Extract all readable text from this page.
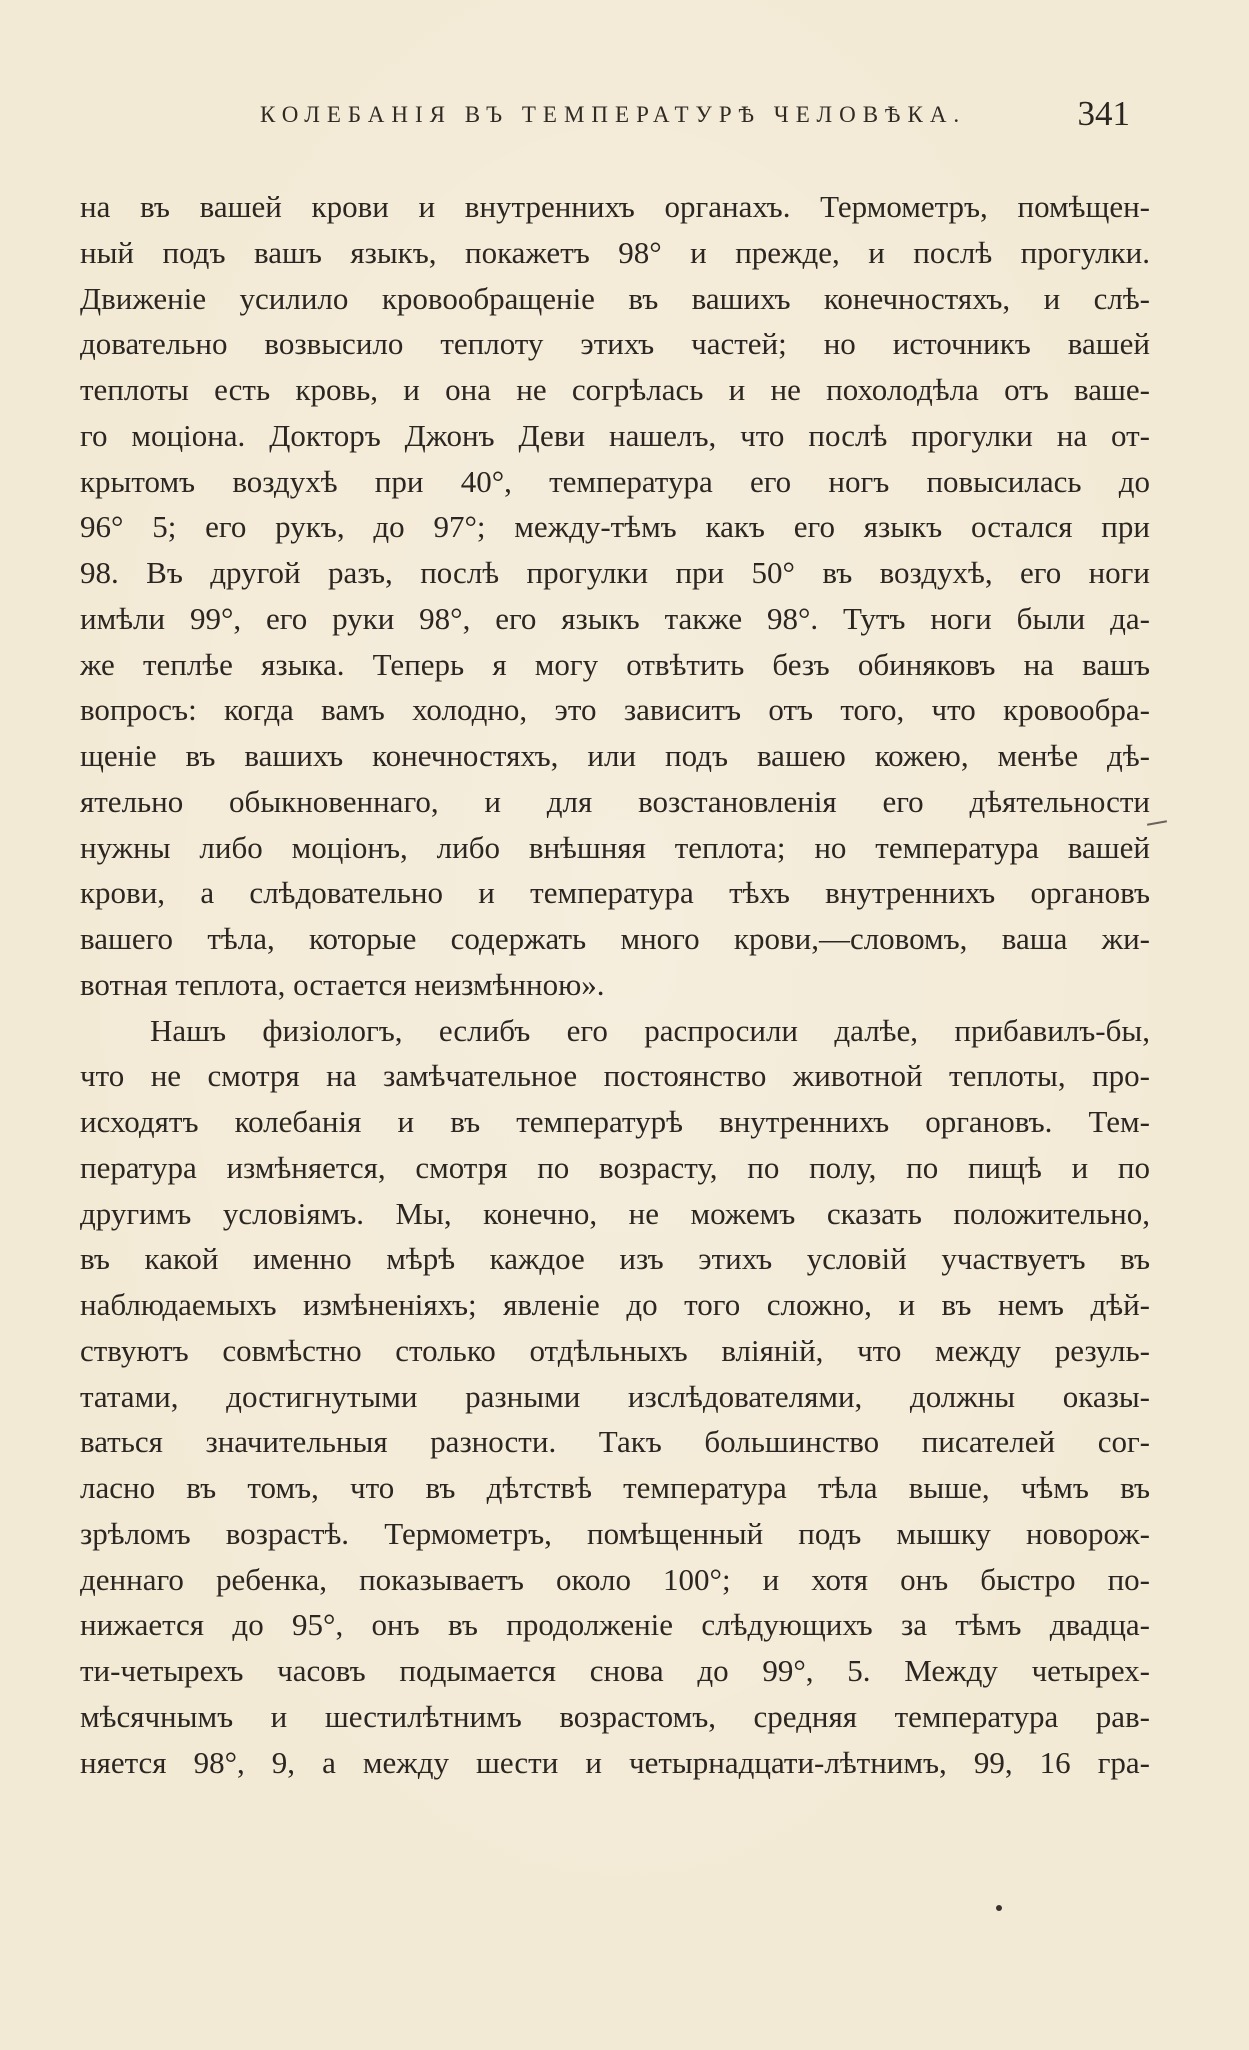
КОЛЕБАНІЯ ВЪ ТЕМПЕРАТУРѢ ЧЕЛОВѢКА.	341
на въ вашей крови и внутреннихъ органахъ. Термометръ, помѣщен-
ный подъ вашъ языкъ, покажетъ 98° и прежде, и послѣ прогулки.
Движеніе усилило кровообращеніе въ вашихъ конечностяхъ, и слѣ-
довательно возвысило теплоту этихъ частей; но источникъ вашей
теплоты есть кровь, и она не согрѣлась и не похолодѣла отъ ваше-
го моціона. Докторъ Джонъ Деви нашелъ, что послѣ прогулки на от-
крытомъ воздухѣ при 40°, температура его ногъ повысилась до
96° 5; его рукъ, до 97°; между-тѣмъ какъ его языкъ остался при
98. Въ другой разъ, послѣ прогулки при 50° въ воздухѣ, его ноги
имѣли 99°, его руки 98°, его языкъ также 98°. Тутъ ноги были да-
же теплѣе языка. Теперь я могу отвѣтить безъ обиняковъ на вашъ
вопросъ: когда вамъ холодно, это зависитъ отъ того, что кровообра-
щеніе въ вашихъ конечностяхъ, или подъ вашею кожею, менѣе дѣ-
ятельно обыкновеннаго, и для возстановленія его дѣятельности
нужны либо моціонъ, либо внѣшняя теплота; но температура вашей
крови, а слѣдовательно и температура тѣхъ внутреннихъ органовъ
вашего тѣла, которые содержать много крови,—словомъ, ваша жи-
вотная теплота, остается неизмѣнною».
Нашъ физіологъ, еслибъ его распросили далѣе, прибавилъ-бы,
что не смотря на замѣчательное постоянство животной теплоты, про-
исходятъ колебанія и въ температурѣ внутреннихъ органовъ. Тем-
пература измѣняется, смотря по возрасту, по полу, по пищѣ и по
другимъ условіямъ. Мы, конечно, не можемъ сказать положительно,
въ какой именно мѣрѣ каждое изъ этихъ условій участвуетъ въ
наблюдаемыхъ измѣненіяхъ; явленіе до того сложно, и въ немъ дѣй-
ствуютъ совмѣстно столько отдѣльныхъ вліяній, что между резуль-
татами, достигнутыми разными изслѣдователями, должны оказы-
ваться значительныя разности. Такъ большинство писателей сог-
ласно въ томъ, что въ дѣтствѣ температура тѣла выше, чѣмъ въ
зрѣломъ возрастѣ. Термометръ, помѣщенный подъ мышку новорож-
деннаго ребенка, показываетъ около 100°; и хотя онъ быстро по-
нижается до 95°, онъ въ продолженіе слѣдующихъ за тѣмъ двадца-
ти-четырехъ часовъ подымается снова до 99°, 5. Между четырех-
мѣсячнымъ и шестилѣтнимъ возрастомъ, средняя температура рав-
няется 98°, 9, а между шести и четырнадцати-лѣтнимъ, 99, 16 гра-
